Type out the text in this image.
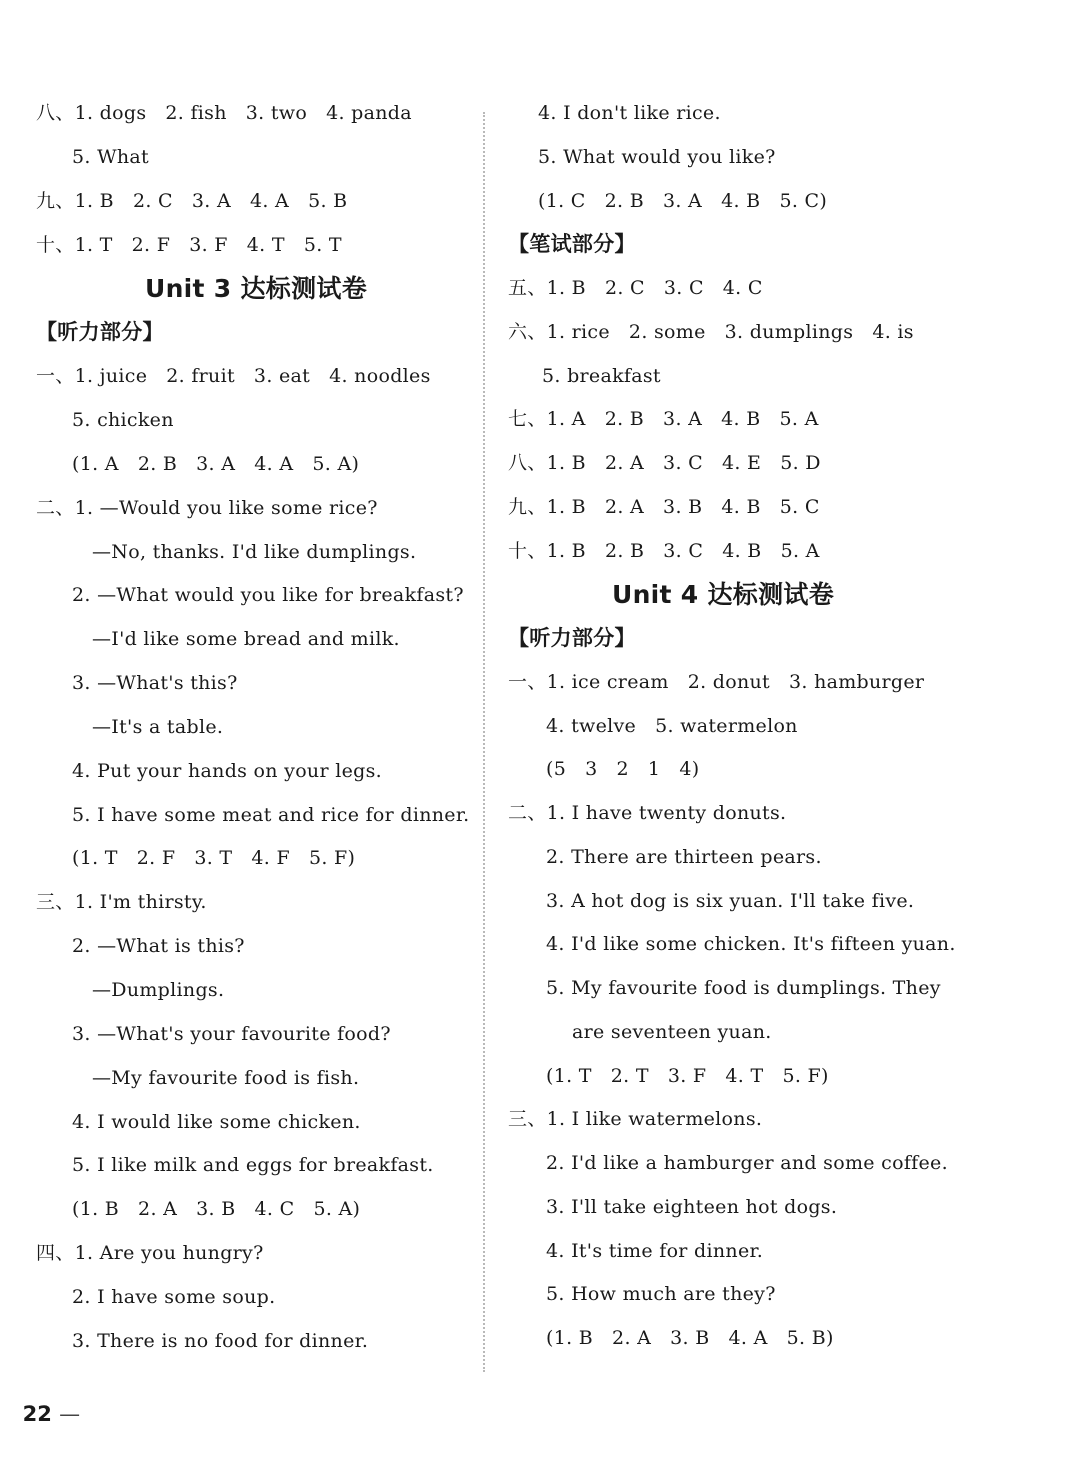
八、1. dogs   2. fish   3. two   4. panda
5. What
九、1. B   2. C   3. A   4. A   5. B
十、1. T   2. F   3. F   4. T   5. T
Unit 3 达标测试卷
【听力部分】
一、1. juice   2. fruit   3. eat   4. noodles
5. chicken
(1. A   2. B   3. A   4. A   5. A)
二、1. —Would you like some rice?
—No, thanks. I'd like dumplings.
2. —What would you like for breakfast?
—I'd like some bread and milk.
3. —What's this?
—It's a table.
4. Put your hands on your legs.
5. I have some meat and rice for dinner.
(1. T   2. F   3. T   4. F   5. F)
三、1. I'm thirsty.
2. —What is this?
—Dumplings.
3. —What's your favourite food?
—My favourite food is fish.
4. I would like some chicken.
5. I like milk and eggs for breakfast.
(1. B   2. A   3. B   4. C   5. A)
四、1. Are you hungry?
2. I have some soup.
3. There is no food for dinner.
4. I don't like rice.
5. What would you like?
(1. C   2. B   3. A   4. B   5. C)
【笔试部分】
五、1. B   2. C   3. C   4. C
六、1. rice   2. some   3. dumplings   4. is
5. breakfast
七、1. A   2. B   3. A   4. B   5. A
八、1. B   2. A   3. C   4. E   5. D
九、1. B   2. A   3. B   4. B   5. C
十、1. B   2. B   3. C   4. B   5. A
Unit 4 达标测试卷
【听力部分】
一、1. ice cream   2. donut   3. hamburger
4. twelve   5. watermelon
(5   3   2   1   4)
二、1. I have twenty donuts.
2. There are thirteen pears.
3. A hot dog is six yuan. I'll take five.
4. I'd like some chicken. It's fifteen yuan.
5. My favourite food is dumplings. They
are seventeen yuan.
(1. T   2. T   3. F   4. T   5. F)
三、1. I like watermelons.
2. I'd like a hamburger and some coffee.
3. I'll take eighteen hot dogs.
4. It's time for dinner.
5. How much are they?
(1. B   2. A   3. B   4. A   5. B)

22 —
